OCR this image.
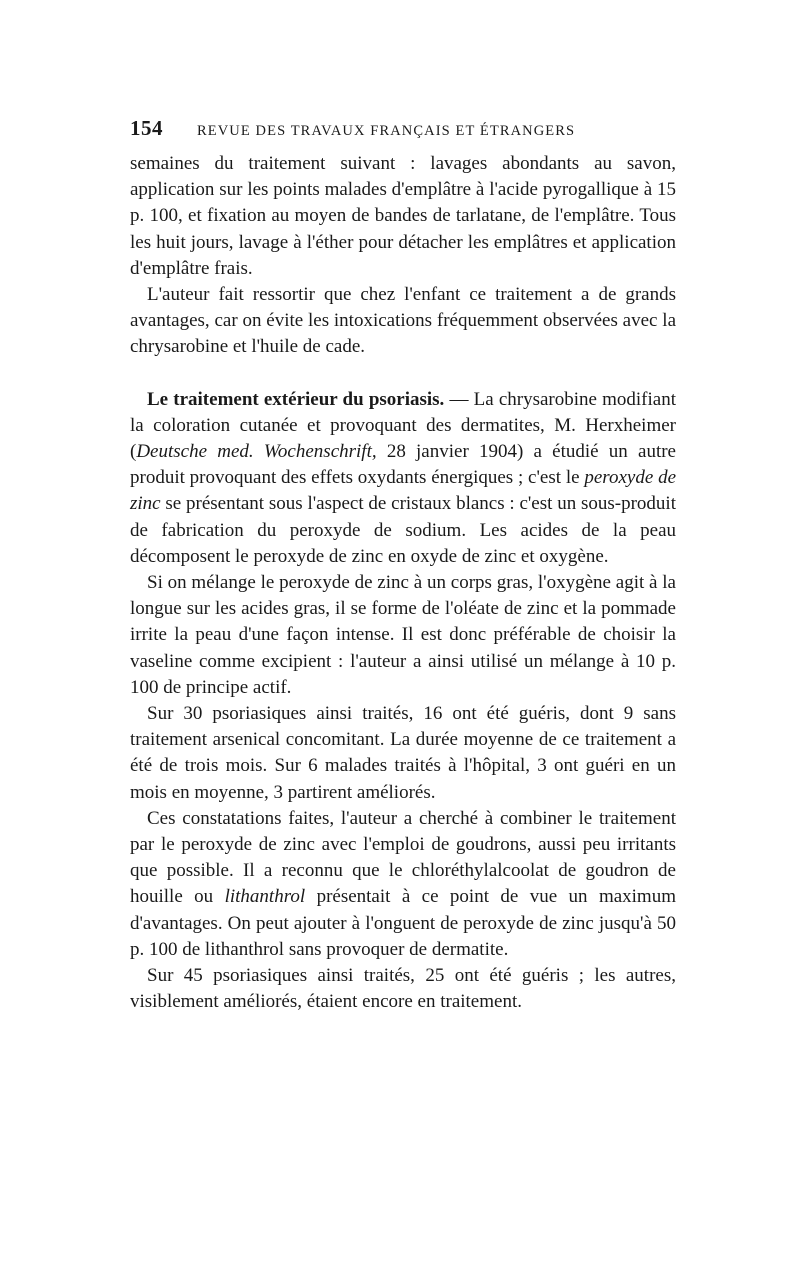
154 REVUE DES TRAVAUX FRANÇAIS ET ÉTRANGERS

semaines du traitement suivant : lavages abondants au savon, application sur les points malades d'emplâtre à l'acide pyrogallique à 15 p. 100, et fixation au moyen de bandes de tarlatane, de l'emplâtre. Tous les huit jours, lavage à l'éther pour détacher les emplâtres et application d'emplâtre frais.

L'auteur fait ressortir que chez l'enfant ce traitement a de grands avantages, car on évite les intoxications fréquemment observées avec la chrysarobine et l'huile de cade.

Le traitement extérieur du psoriasis. — La chrysarobine modifiant la coloration cutanée et provoquant des dermatites, M. Herxheimer (Deutsche med. Wochenschrift, 28 janvier 1904) a étudié un autre produit provoquant des effets oxydants énergiques ; c'est le peroxyde de zinc se présentant sous l'aspect de cristaux blancs : c'est un sous-produit de fabrication du peroxyde de sodium. Les acides de la peau décomposent le peroxyde de zinc en oxyde de zinc et oxygène.

Si on mélange le peroxyde de zinc à un corps gras, l'oxygène agit à la longue sur les acides gras, il se forme de l'oléate de zinc et la pommade irrite la peau d'une façon intense. Il est donc préférable de choisir la vaseline comme excipient : l'auteur a ainsi utilisé un mélange à 10 p. 100 de principe actif.

Sur 30 psoriasiques ainsi traités, 16 ont été guéris, dont 9 sans traitement arsenical concomitant. La durée moyenne de ce traitement a été de trois mois. Sur 6 malades traités à l'hôpital, 3 ont guéri en un mois en moyenne, 3 partirent améliorés.

Ces constatations faites, l'auteur a cherché à combiner le traitement par le peroxyde de zinc avec l'emploi de goudrons, aussi peu irritants que possible. Il a reconnu que le chloréthylalcoolat de goudron de houille ou lithanthrol présentait à ce point de vue un maximum d'avantages. On peut ajouter à l'onguent de peroxyde de zinc jusqu'à 50 p. 100 de lithanthrol sans provoquer de dermatite.

Sur 45 psoriasiques ainsi traités, 25 ont été guéris ; les autres, visiblement améliorés, étaient encore en traitement.
